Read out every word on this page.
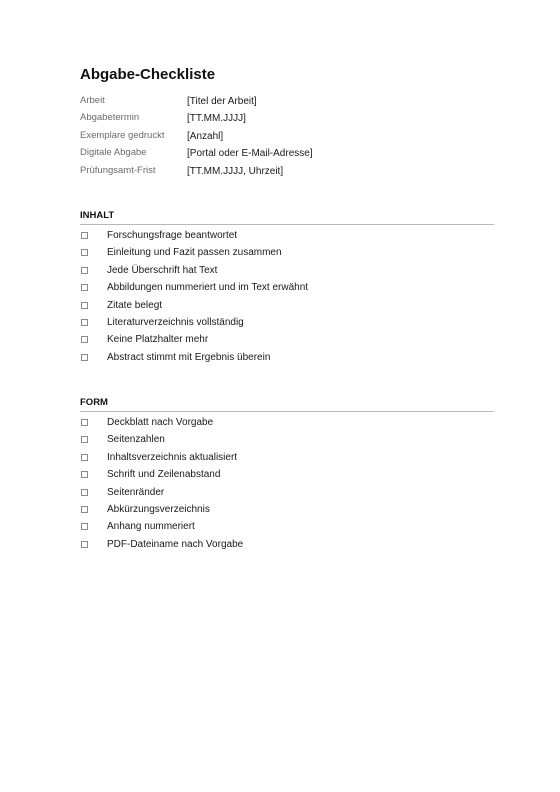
Abgabe-Checkliste
Arbeit	[Titel der Arbeit]
Abgabetermin	[TT.MM.JJJJ]
Exemplare gedruckt [Anzahl]
Digitale Abgabe	[Portal oder E-Mail-Adresse]
Prüfungsamt-Frist	[TT.MM.JJJJ, Uhrzeit]
INHALT
Forschungsfrage beantwortet
Einleitung und Fazit passen zusammen
Jede Überschrift hat Text
Abbildungen nummeriert und im Text erwähnt
Zitate belegt
Literaturverzeichnis vollständig
Keine Platzhalter mehr
Abstract stimmt mit Ergebnis überein
FORM
Deckblatt nach Vorgabe
Seitenzahlen
Inhaltsverzeichnis aktualisiert
Schrift und Zeilenabstand
Seitenränder
Abkürzungsverzeichnis
Anhang nummeriert
PDF-Dateiname nach Vorgabe
